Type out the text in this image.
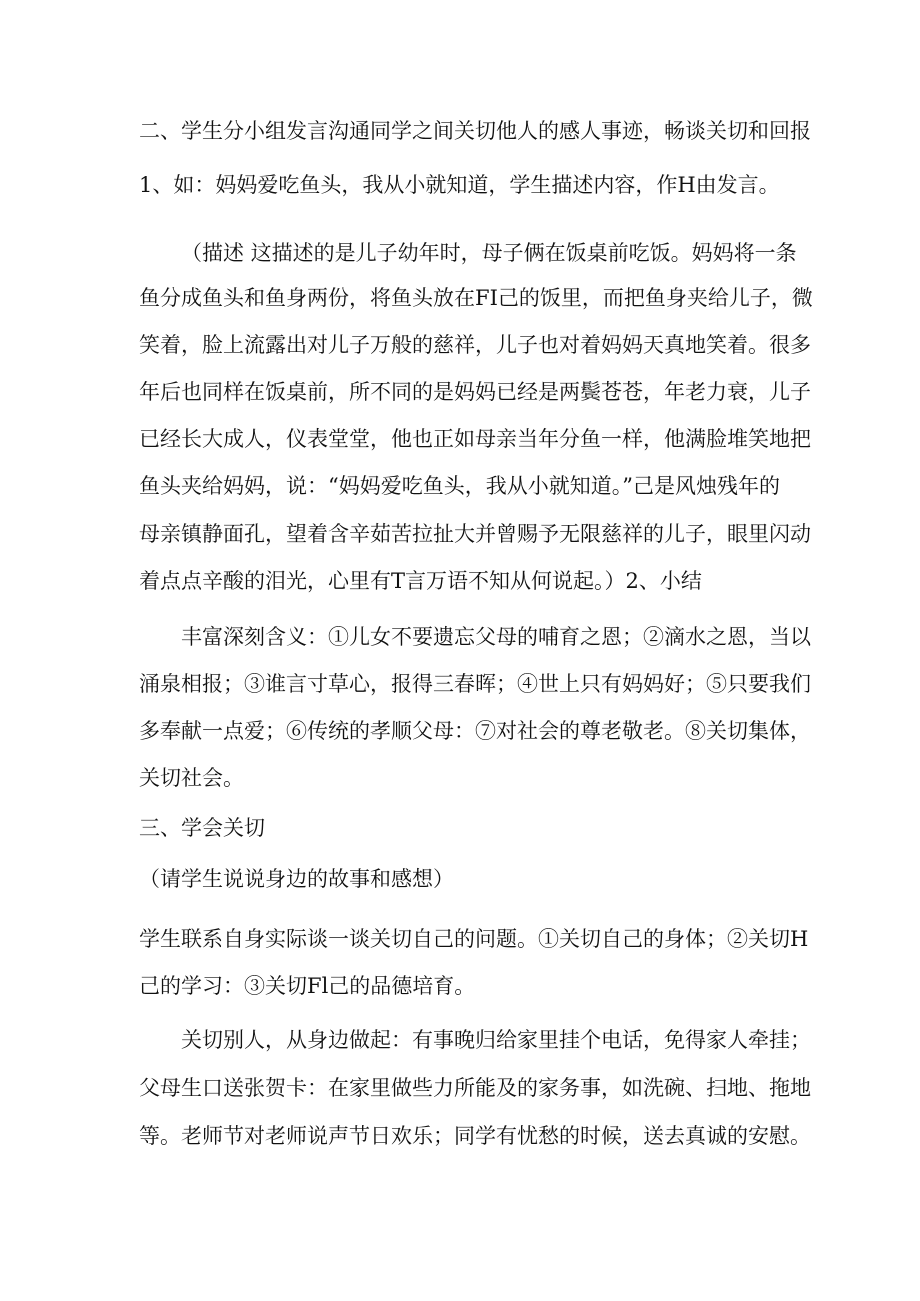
二、学生分小组发言沟通同学之间关切他人的感人事迹，畅谈关切和回报
1、如：妈妈爱吃鱼头，我从小就知道，学生描述内容，作H由发言。
（描述 这描述的是儿子幼年时，母子俩在饭桌前吃饭。妈妈将一条
鱼分成鱼头和鱼身两份，将鱼头放在FI己的饭里，而把鱼身夹给儿子，微
笑着，脸上流露出对儿子万般的慈祥，儿子也对着妈妈天真地笑着。很多
年后也同样在饭桌前，所不同的是妈妈已经是两鬓苍苍，年老力衰，儿子
已经长大成人，仪表堂堂，他也正如母亲当年分鱼一样，他满脸堆笑地把
鱼头夹给妈妈，说：“妈妈爱吃鱼头，我从小就知道。”己是风烛残年的
母亲镇静面孔，望着含辛茹苦拉扯大并曾赐予无限慈祥的儿子，眼里闪动
着点点辛酸的泪光，心里有T言万语不知从何说起。）2、小结
丰富深刻含义：①儿女不要遗忘父母的哺育之恩；②滴水之恩，当以
涌泉相报；③谁言寸草心，报得三春晖；④世上只有妈妈好；⑤只要我们
多奉献一点爱；⑥传统的孝顺父母：⑦对社会的尊老敬老。⑧关切集体，
关切社会。
三、学会关切
（请学生说说身边的故事和感想）
学生联系自身实际谈一谈关切自己的问题。①关切自己的身体；②关切H
己的学习：③关切Fl己的品德培育。
关切别人，从身边做起：有事晚归给家里挂个电话，免得家人牵挂；
父母生口送张贺卡：在家里做些力所能及的家务事，如洗碗、扫地、拖地
等。老师节对老师说声节日欢乐；同学有忧愁的时候，送去真诚的安慰。
